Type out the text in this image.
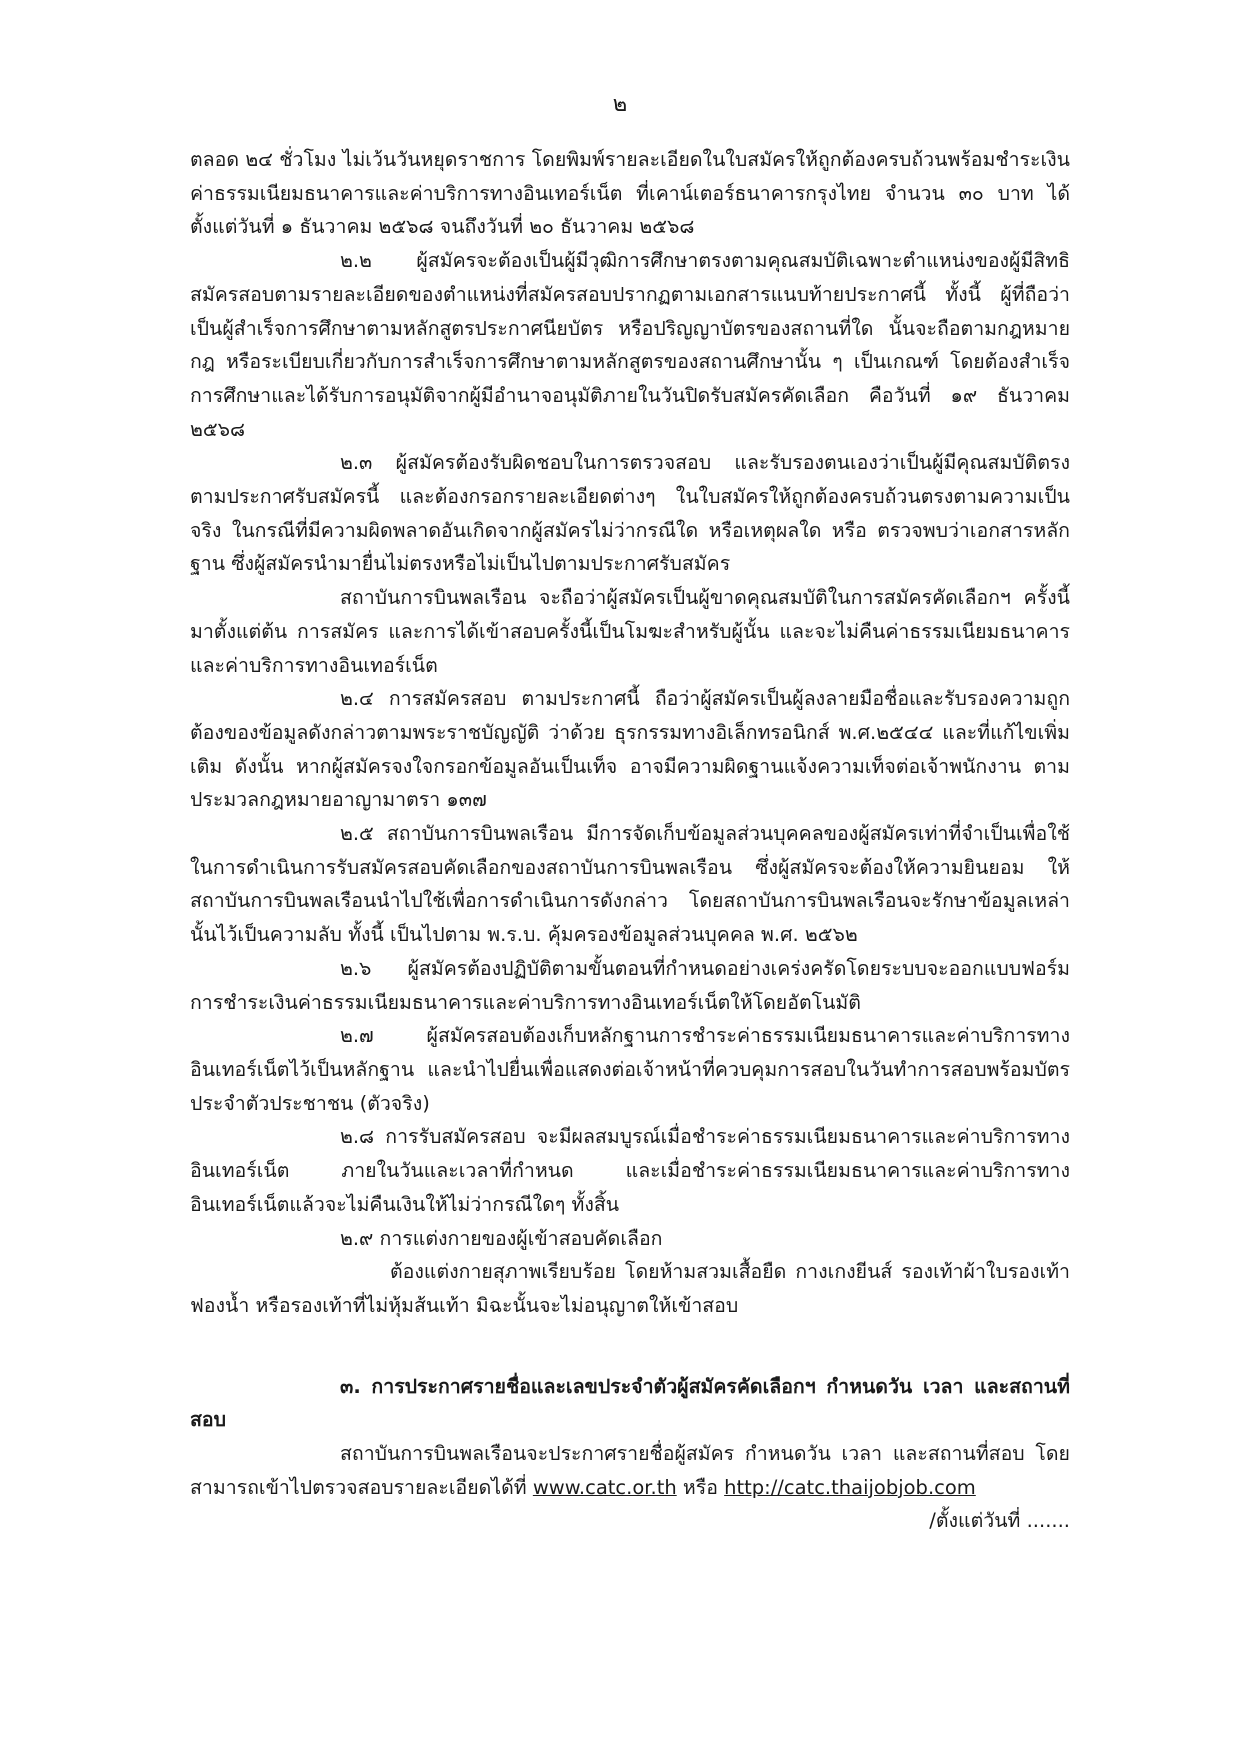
๒

ตลอด ๒๔ ชั่วโมง ไม่เว้นวันหยุดราชการ โดยพิมพ์รายละเอียดในใบสมัครให้ถูกต้องครบถ้วนพร้อมชำระเงินค่าธรรมเนียมธนาคารและค่าบริการทางอินเทอร์เน็ต ที่เคาน์เตอร์ธนาคารกรุงไทย จำนวน ๓๐ บาท ได้ตั้งแต่วันที่ ๑ ธันวาคม ๒๕๖๘ จนถึงวันที่ ๒๐ ธันวาคม ๒๕๖๘

๒.๒ ผู้สมัครจะต้องเป็นผู้มีวุฒิการศึกษาตรงตามคุณสมบัติเฉพาะตำแหน่งของผู้มีสิทธิสมัครสอบตามรายละเอียดของตำแหน่งที่สมัครสอบปรากฏตามเอกสารแนบท้ายประกาศนี้ ทั้งนี้ ผู้ที่ถือว่าเป็นผู้สำเร็จการศึกษาตามหลักสูตรประกาศนียบัตร หรือปริญญาบัตรของสถานที่ใด นั้นจะถือตามกฎหมาย กฎ หรือระเบียบเกี่ยวกับการสำเร็จการศึกษาตามหลักสูตรของสถานศึกษานั้น ๆ เป็นเกณฑ์ โดยต้องสำเร็จการศึกษาและได้รับการอนุมัติจากผู้มีอำนาจอนุมัติภายในวันปิดรับสมัครคัดเลือก คือวันที่ ๑๙ ธันวาคม ๒๕๖๘

๒.๓ ผู้สมัครต้องรับผิดชอบในการตรวจสอบ และรับรองตนเองว่าเป็นผู้มีคุณสมบัติตรงตามประกาศรับสมัครนี้ และต้องกรอกรายละเอียดต่างๆ ในใบสมัครให้ถูกต้องครบถ้วนตรงตามความเป็นจริง ในกรณีที่มีความผิดพลาดอันเกิดจากผู้สมัครไม่ว่ากรณีใด หรือเหตุผลใด หรือ ตรวจพบว่าเอกสารหลักฐาน ซึ่งผู้สมัครนำมายื่นไม่ตรงหรือไม่เป็นไปตามประกาศรับสมัคร

สถาบันการบินพลเรือน จะถือว่าผู้สมัครเป็นผู้ขาดคุณสมบัติในการสมัครคัดเลือกฯ ครั้งนี้มาตั้งแต่ต้น การสมัคร และการได้เข้าสอบครั้งนี้เป็นโมฆะสำหรับผู้นั้น และจะไม่คืนค่าธรรมเนียมธนาคารและค่าบริการทางอินเทอร์เน็ต

๒.๔ การสมัครสอบ ตามประกาศนี้ ถือว่าผู้สมัครเป็นผู้ลงลายมือชื่อและรับรองความถูกต้องของข้อมูลดังกล่าวตามพระราชบัญญัติ ว่าด้วย ธุรกรรมทางอิเล็กทรอนิกส์ พ.ศ.๒๕๔๔ และที่แก้ไขเพิ่มเติม ดังนั้น หากผู้สมัครจงใจกรอกข้อมูลอันเป็นเท็จ อาจมีความผิดฐานแจ้งความเท็จต่อเจ้าพนักงาน ตามประมวลกฎหมายอาญามาตรา ๑๓๗

๒.๕ สถาบันการบินพลเรือน มีการจัดเก็บข้อมูลส่วนบุคคลของผู้สมัครเท่าที่จำเป็นเพื่อใช้ในการดำเนินการรับสมัครสอบคัดเลือกของสถาบันการบินพลเรือน ซึ่งผู้สมัครจะต้องให้ความยินยอม ให้สถาบันการบินพลเรือนนำไปใช้เพื่อการดำเนินการดังกล่าว โดยสถาบันการบินพลเรือนจะรักษาข้อมูลเหล่านั้นไว้เป็นความลับ ทั้งนี้ เป็นไปตาม พ.ร.บ. คุ้มครองข้อมูลส่วนบุคคล พ.ศ. ๒๕๖๒

๒.๖ ผู้สมัครต้องปฏิบัติตามขั้นตอนที่กำหนดอย่างเคร่งครัดโดยระบบจะออกแบบฟอร์มการชำระเงินค่าธรรมเนียมธนาคารและค่าบริการทางอินเทอร์เน็ตให้โดยอัตโนมัติ

๒.๗ ผู้สมัครสอบต้องเก็บหลักฐานการชำระค่าธรรมเนียมธนาคารและค่าบริการทางอินเทอร์เน็ตไว้เป็นหลักฐาน และนำไปยื่นเพื่อแสดงต่อเจ้าหน้าที่ควบคุมการสอบในวันทำการสอบพร้อมบัตรประจำตัวประชาชน (ตัวจริง)

๒.๘ การรับสมัครสอบ จะมีผลสมบูรณ์เมื่อชำระค่าธรรมเนียมธนาคารและค่าบริการทางอินเทอร์เน็ต ภายในวันและเวลาที่กำหนด และเมื่อชำระค่าธรรมเนียมธนาคารและค่าบริการทางอินเทอร์เน็ตแล้วจะไม่คืนเงินให้ไม่ว่ากรณีใดๆ ทั้งสิ้น

๒.๙ การแต่งกายของผู้เข้าสอบคัดเลือก

ต้องแต่งกายสุภาพเรียบร้อย โดยห้ามสวมเสื้อยืด กางเกงยีนส์ รองเท้าผ้าใบรองเท้าฟองน้ำ หรือรองเท้าที่ไม่หุ้มส้นเท้า มิฉะนั้นจะไม่อนุญาตให้เข้าสอบ

๓. การประกาศรายชื่อและเลขประจำตัวผู้สมัครคัดเลือกฯ กำหนดวัน เวลา และสถานที่สอบ

สถาบันการบินพลเรือนจะประกาศรายชื่อผู้สมัคร กำหนดวัน เวลา และสถานที่สอบ โดยสามารถเข้าไปตรวจสอบรายละเอียดได้ที่ www.catc.or.th หรือ http://catc.thaijobjob.com

/ตั้งแต่วันที่ .......
